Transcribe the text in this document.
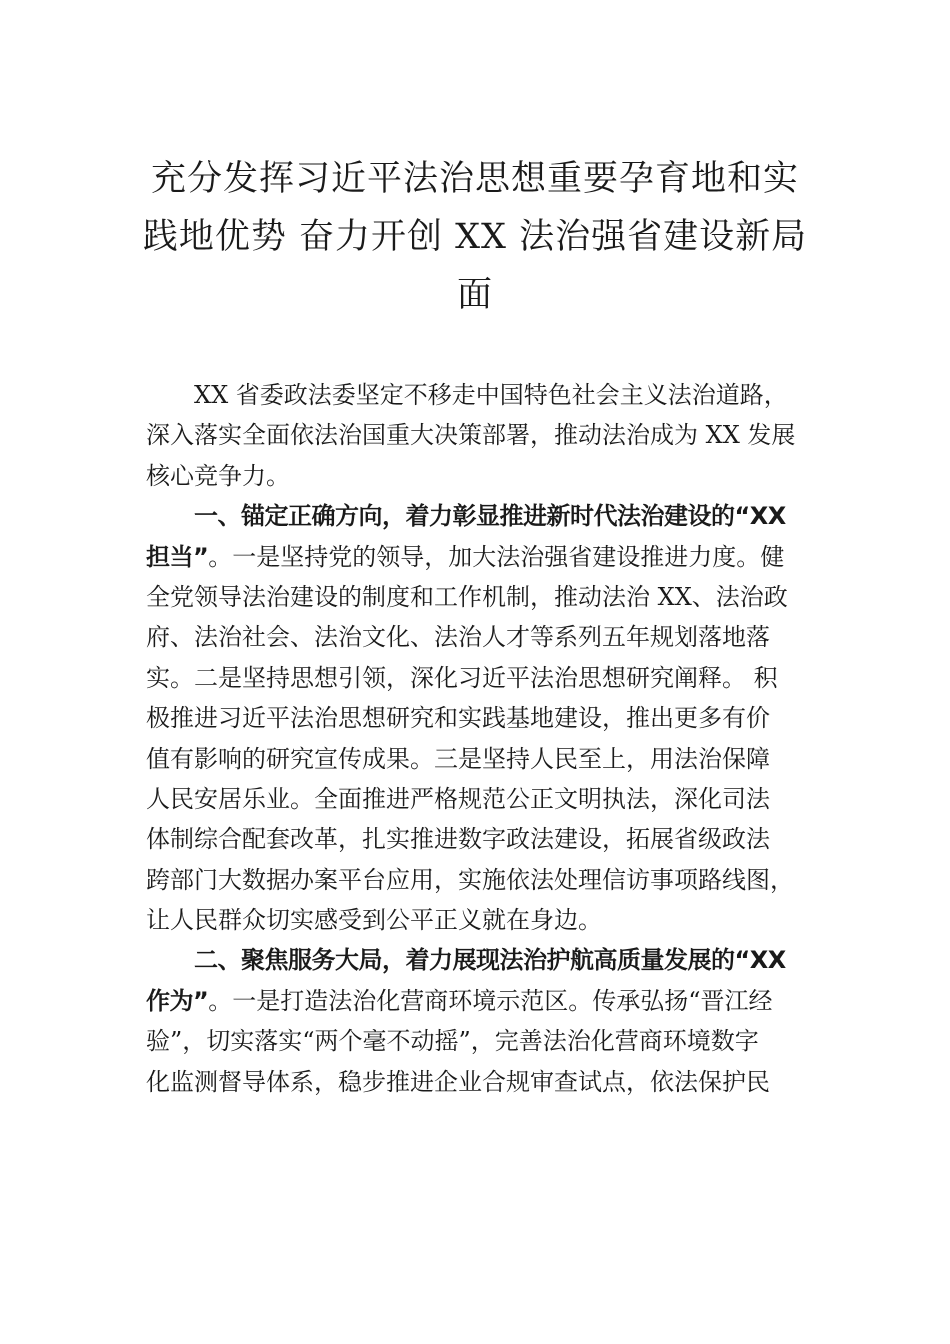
充分发挥习近平法治思想重要孕育地和实
践地优势 奋力开创 XX 法治强省建设新局
面
XX 省委政法委坚定不移走中国特色社会主义法治道路，
深入落实全面依法治国重大决策部署，推动法治成为 XX 发展
核心竞争力。
一、锚定正确方向，着力彰显推进新时代法治建设的“XX
担当”。一是坚持党的领导，加大法治强省建设推进力度。健
全党领导法治建设的制度和工作机制，推动法治 XX、法治政
府、法治社会、法治文化、法治人才等系列五年规划落地落
实。二是坚持思想引领，深化习近平法治思想研究阐释。 积
极推进习近平法治思想研究和实践基地建设，推出更多有价
值有影响的研究宣传成果。三是坚持人民至上，用法治保障
人民安居乐业。全面推进严格规范公正文明执法，深化司法
体制综合配套改革，扎实推进数字政法建设，拓展省级政法
跨部门大数据办案平台应用，实施依法处理信访事项路线图，
让人民群众切实感受到公平正义就在身边。
二、聚焦服务大局，着力展现法治护航高质量发展的“XX
作为”。一是打造法治化营商环境示范区。传承弘扬“晋江经
验”，切实落实“两个毫不动摇”，完善法治化营商环境数字
化监测督导体系，稳步推进企业合规审查试点，依法保护民
